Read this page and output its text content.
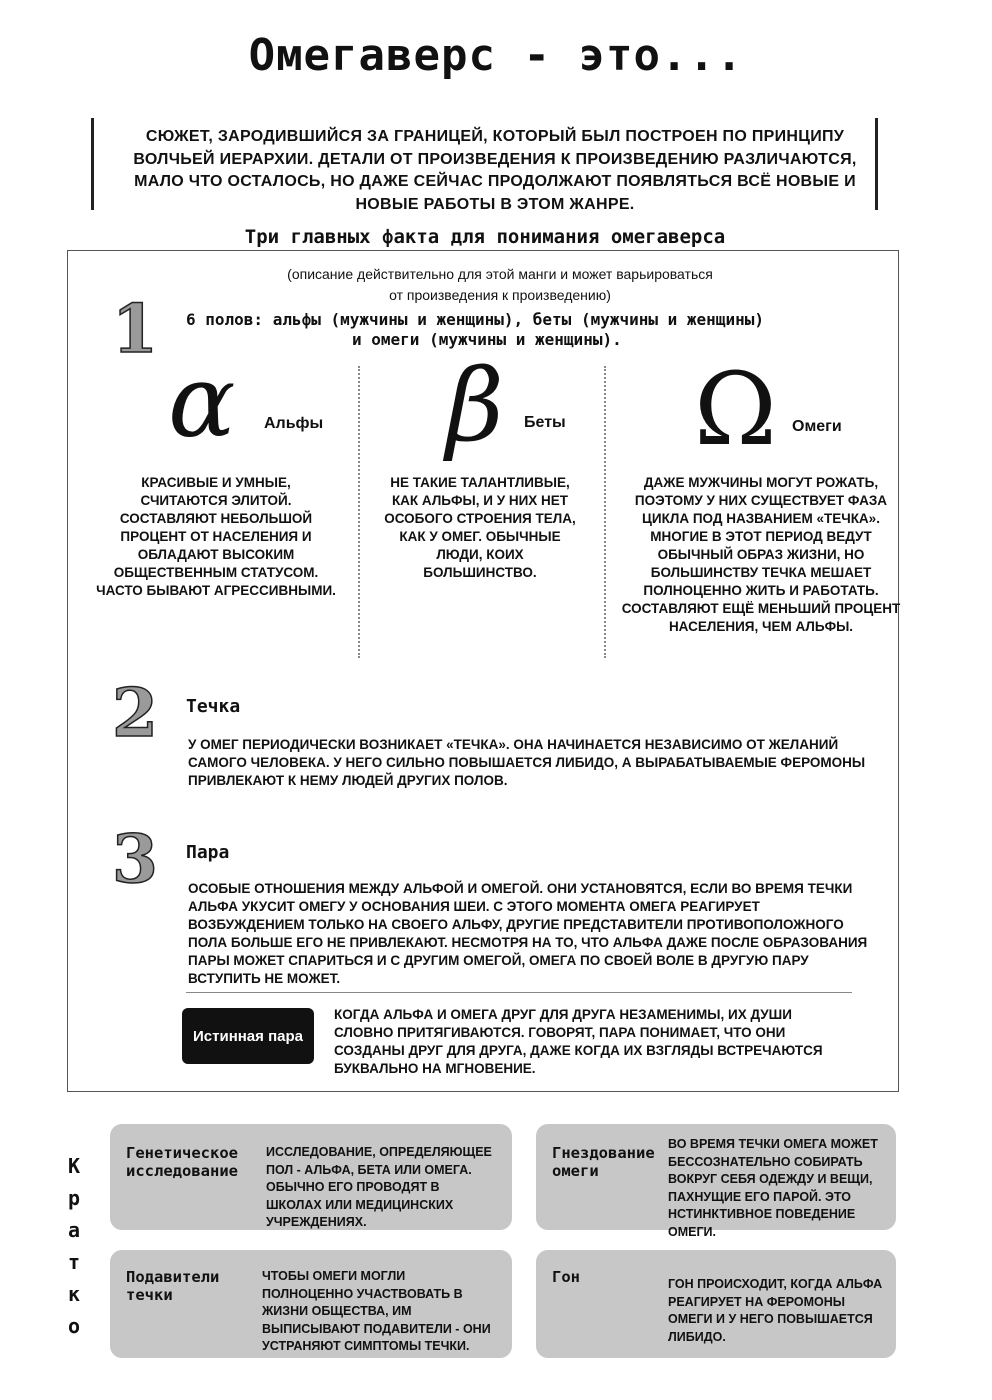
Омегаверс - это...
СЮЖЕТ, ЗАРОДИВШИЙСЯ ЗА ГРАНИЦЕЙ, КОТОРЫЙ БЫЛ ПОСТРОЕН ПО ПРИНЦИПУ ВОЛЧЬЕЙ ИЕРАРХИИ. ДЕТАЛИ ОТ ПРОИЗВЕДЕНИЯ К ПРОИЗВЕДЕНИЮ РАЗЛИЧАЮТСЯ, МАЛО ЧТО ОСТАЛОСЬ, НО ДАЖЕ СЕЙЧАС ПРОДОЛЖАЮТ ПОЯВЛЯТЬСЯ ВСЁ НОВЫЕ И НОВЫЕ РАБОТЫ В ЭТОМ ЖАНРЕ.
Три главных факта для понимания омегаверса
(описание действительно для этой манги и может варьироваться
от произведения к произведению)
1 6 полов: альфы (мужчины и женщины), беты (мужчины и женщины)
и омеги (мужчины и женщины).
α Альфы
КРАСИВЫЕ И УМНЫЕ, СЧИТАЮТСЯ ЭЛИТОЙ. СОСТАВЛЯЮТ НЕБОЛЬШОЙ ПРОЦЕНТ ОТ НАСЕЛЕНИЯ И ОБЛАДАЮТ ВЫСОКИМ ОБЩЕСТВЕННЫМ СТАТУСОМ. ЧАСТО БЫВАЮТ АГРЕССИВНЫМИ.
β Беты
НЕ ТАКИЕ ТАЛАНТЛИВЫЕ, КАК АЛЬФЫ, И У НИХ НЕТ ОСОБОГО СТРОЕНИЯ ТЕЛА, КАК У ОМЕГ. ОБЫЧНЫЕ ЛЮДИ, КОИХ БОЛЬШИНСТВО.
Ω Омеги
ДАЖЕ МУЖЧИНЫ МОГУТ РОЖАТЬ, ПОЭТОМУ У НИХ СУЩЕСТВУЕТ ФАЗА ЦИКЛА ПОД НАЗВАНИЕМ «ТЕЧКА». МНОГИЕ В ЭТОТ ПЕРИОД ВЕДУТ ОБЫЧНЫЙ ОБРАЗ ЖИЗНИ, НО БОЛЬШИНСТВУ ТЕЧКА МЕШАЕТ ПОЛНОЦЕННО ЖИТЬ И РАБОТАТЬ. СОСТАВЛЯЮТ ЕЩЁ МЕНЬШИЙ ПРОЦЕНТ НАСЕЛЕНИЯ, ЧЕМ АЛЬФЫ.
2 Течка
У ОМЕГ ПЕРИОДИЧЕСКИ ВОЗНИКАЕТ «ТЕЧКА». ОНА НАЧИНАЕТСЯ НЕЗАВИСИМО ОТ ЖЕЛАНИЙ САМОГО ЧЕЛОВЕКА. У НЕГО СИЛЬНО ПОВЫШАЕТСЯ ЛИБИДО, А ВЫРАБАТЫВАЕМЫЕ ФЕРОМОНЫ ПРИВЛЕКАЮТ К НЕМУ ЛЮДЕЙ ДРУГИХ ПОЛОВ.
3 Пара
ОСОБЫЕ ОТНОШЕНИЯ МЕЖДУ АЛЬФОЙ И ОМЕГОЙ. ОНИ УСТАНОВЯТСЯ, ЕСЛИ ВО ВРЕМЯ ТЕЧКИ АЛЬФА УКУСИТ ОМЕГУ У ОСНОВАНИЯ ШЕИ. С ЭТОГО МОМЕНТА ОМЕГА РЕАГИРУЕТ ВОЗБУЖДЕНИЕМ ТОЛЬКО НА СВОЕГО АЛЬФУ, ДРУГИЕ ПРЕДСТАВИТЕЛИ ПРОТИВОПОЛОЖНОГО ПОЛА БОЛЬШЕ ЕГО НЕ ПРИВЛЕКАЮТ. НЕСМОТРЯ НА ТО, ЧТО АЛЬФА ДАЖЕ ПОСЛЕ ОБРАЗОВАНИЯ ПАРЫ МОЖЕТ СПАРИТЬСЯ И С ДРУГИМ ОМЕГОЙ, ОМЕГА ПО СВОЕЙ ВОЛЕ В ДРУГУЮ ПАРУ ВСТУПИТЬ НЕ МОЖЕТ.
Истинная пара
КОГДА АЛЬФА И ОМЕГА ДРУГ ДЛЯ ДРУГА НЕЗАМЕНИМЫ, ИХ ДУШИ СЛОВНО ПРИТЯГИВАЮТСЯ. ГОВОРЯТ, ПАРА ПОНИМАЕТ, ЧТО ОНИ СОЗДАНЫ ДРУГ ДЛЯ ДРУГА, ДАЖЕ КОГДА ИХ ВЗГЛЯДЫ ВСТРЕЧАЮТСЯ БУКВАЛЬНО НА МГНОВЕНИЕ.
К
р
а
т
к
о
Генетическое
исследование
ИССЛЕДОВАНИЕ, ОПРЕДЕЛЯЮЩЕЕ ПОЛ - АЛЬФА, БЕТА ИЛИ ОМЕГА. ОБЫЧНО ЕГО ПРОВОДЯТ В ШКОЛАХ ИЛИ МЕДИЦИНСКИХ УЧРЕЖДЕНИЯХ.
Гнездование
омеги
ВО ВРЕМЯ ТЕЧКИ ОМЕГА МОЖЕТ БЕССОЗНАТЕЛЬНО СОБИРАТЬ ВОКРУГ СЕБЯ ОДЕЖДУ И ВЕЩИ, ПАХНУЩИЕ ЕГО ПАРОЙ. ЭТО НСТИНКТИВНОЕ ПОВЕДЕНИЕ ОМЕГИ.
Подавители
течки
ЧТОБЫ ОМЕГИ МОГЛИ ПОЛНОЦЕННО УЧАСТВОВАТЬ В ЖИЗНИ ОБЩЕСТВА, ИМ ВЫПИСЫВАЮТ ПОДАВИТЕЛИ - ОНИ УСТРАНЯЮТ СИМПТОМЫ ТЕЧКИ.
Гон	ГОН ПРОИСХОДИТ, КОГДА АЛЬФА РЕАГИРУЕТ НА ФЕРОМОНЫ ОМЕГИ И У НЕГО ПОВЫШАЕТСЯ ЛИБИДО.
